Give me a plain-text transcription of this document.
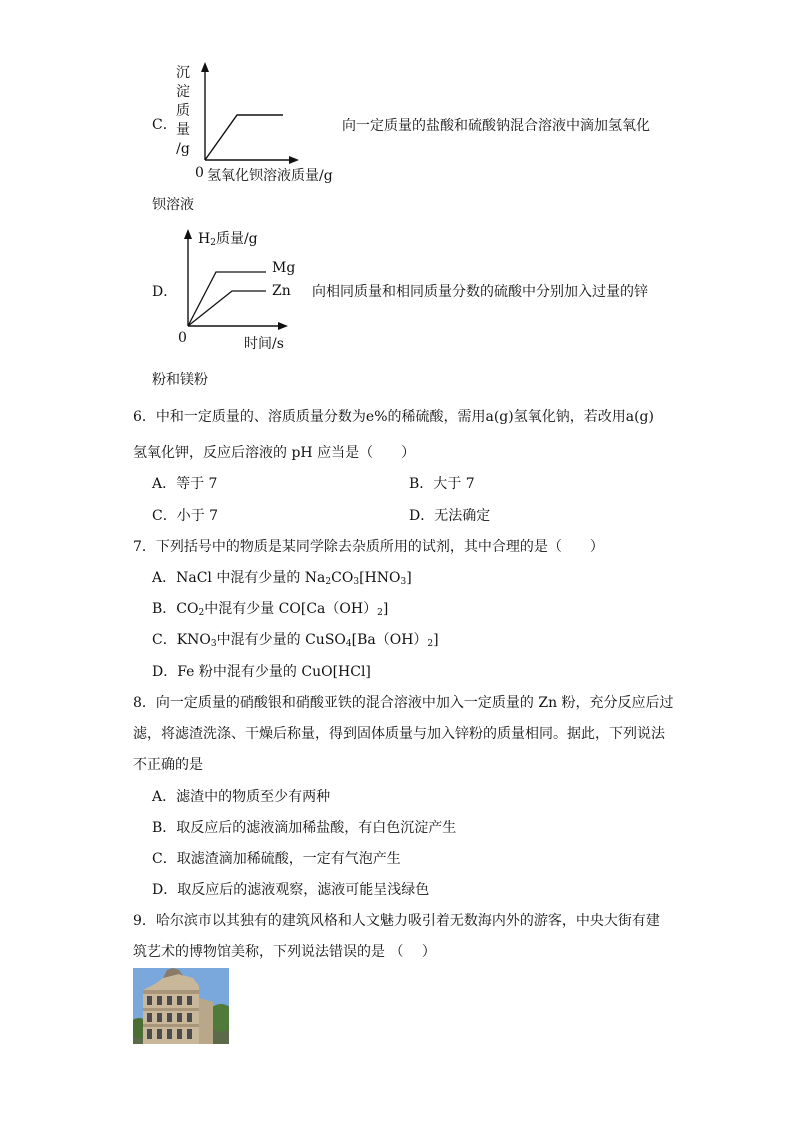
C．
沉
淀
质
量
/g
0 氢氧化钡溶液质量/g
向一定质量的盐酸和硫酸钠混合溶液中滴加氢氧化
钡溶液
D．
$H_2$质量/g
Mg
Zn
0	时间/s
向相同质量和相同质量分数的硫酸中分别加入过量的锌
粉和镁粉
6．中和一定质量的、溶质质量分数为e%的稀硫酸，需用a(g)氢氧化钠，若改用a(g)
氢氧化钾，反应后溶液的 pH 应当是（　　）
A．等于 7	B．大于 7
C．小于 7	D．无法确定
7．下列括号中的物质是某同学除去杂质所用的试剂，其中合理的是（　　）
A．NaCl 中混有少量的 $Na_2CO_3[HNO_3]$
B．$CO_2$中混有少量 $CO[Ca(OH)_2]$
C．$KNO_3$中混有少量的 $CuSO_4[Ba(OH)_2]$
D．Fe 粉中混有少量的 CuO[HCl]
8．向一定质量的硝酸银和硝酸亚铁的混合溶液中加入一定质量的 Zn 粉，充分反应后过
滤，将滤渣洗涤、干燥后称量，得到固体质量与加入锌粉的质量相同。据此，下列说法
不正确的是
A．滤渣中的物质至少有两种
B．取反应后的滤液滴加稀盐酸，有白色沉淀产生
C．取滤渣滴加稀硫酸，一定有气泡产生
D．取反应后的滤液观察，滤液可能呈浅绿色
9．哈尔滨市以其独有的建筑风格和人文魅力吸引着无数海内外的游客，中央大街有建
筑艺术的博物馆美称，下列说法错误的是 （　 ）
